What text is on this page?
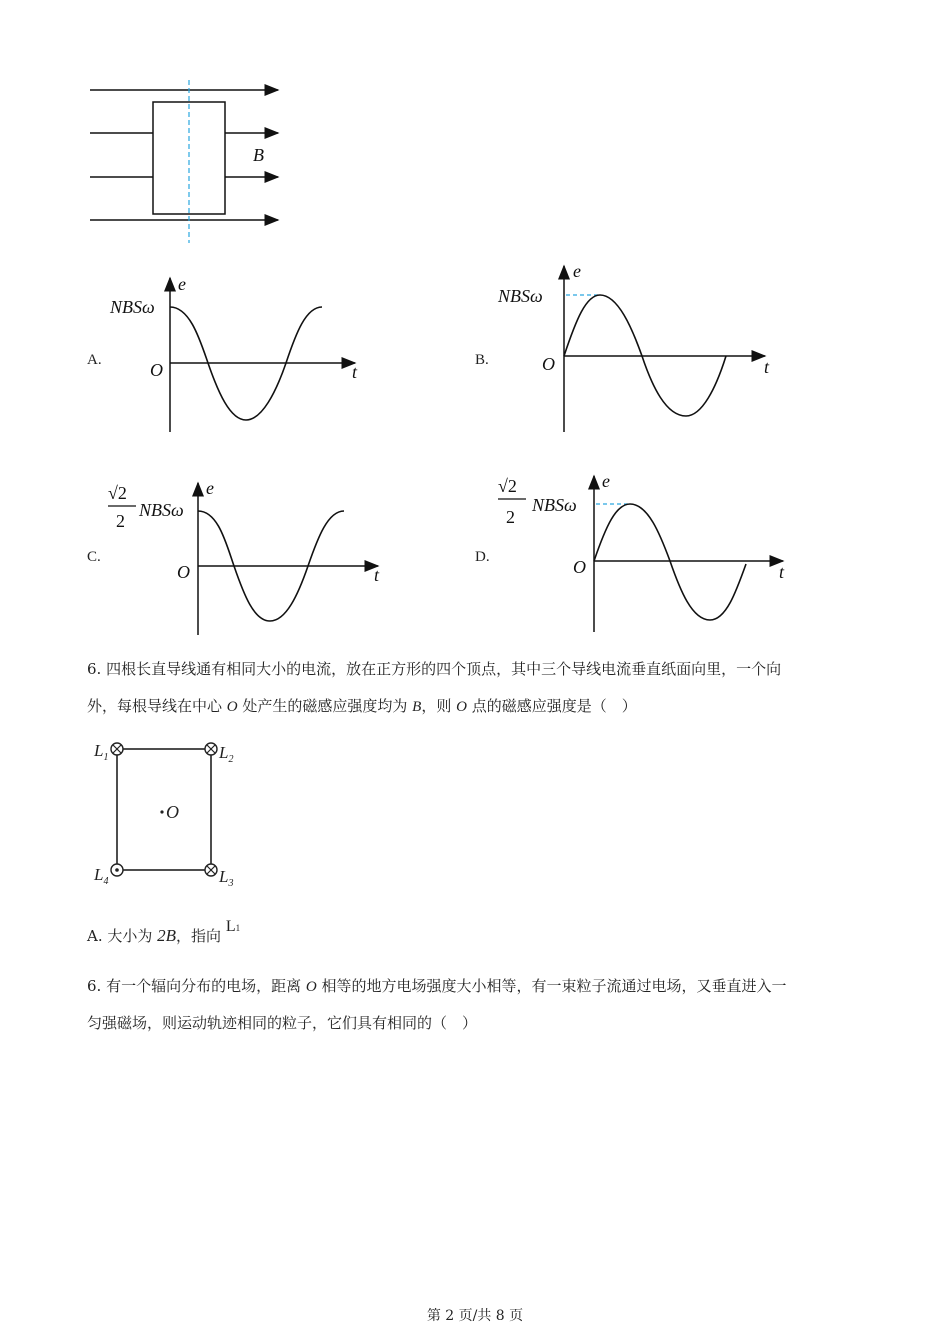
B
A.
NBSω
O	t
e
B.
NBSω
O	t
e
C.
√2
2
NBSω
O	t
e
D.
√2
2
NBSω
O	t
e
6. 四根长直导线通有相同大小的电流，放在正方形的四个顶点，其中三个导线电流垂直纸面向里，一个向
外，每根导线在中心 O 处产生的磁感应强度均为 B，则 O 点的磁感应强度是（　）
$L_1$	$L_2$
$L_3$
$L_4$
O
A. 大小为 2B，指向 L1
6. 有一个辐向分布的电场，距离 O 相等的地方电场强度大小相等，有一束粒子流通过电场，又垂直进入一
匀强磁场，则运动轨迹相同的粒子，它们具有相同的（　）
第 2 页/共 8 页
